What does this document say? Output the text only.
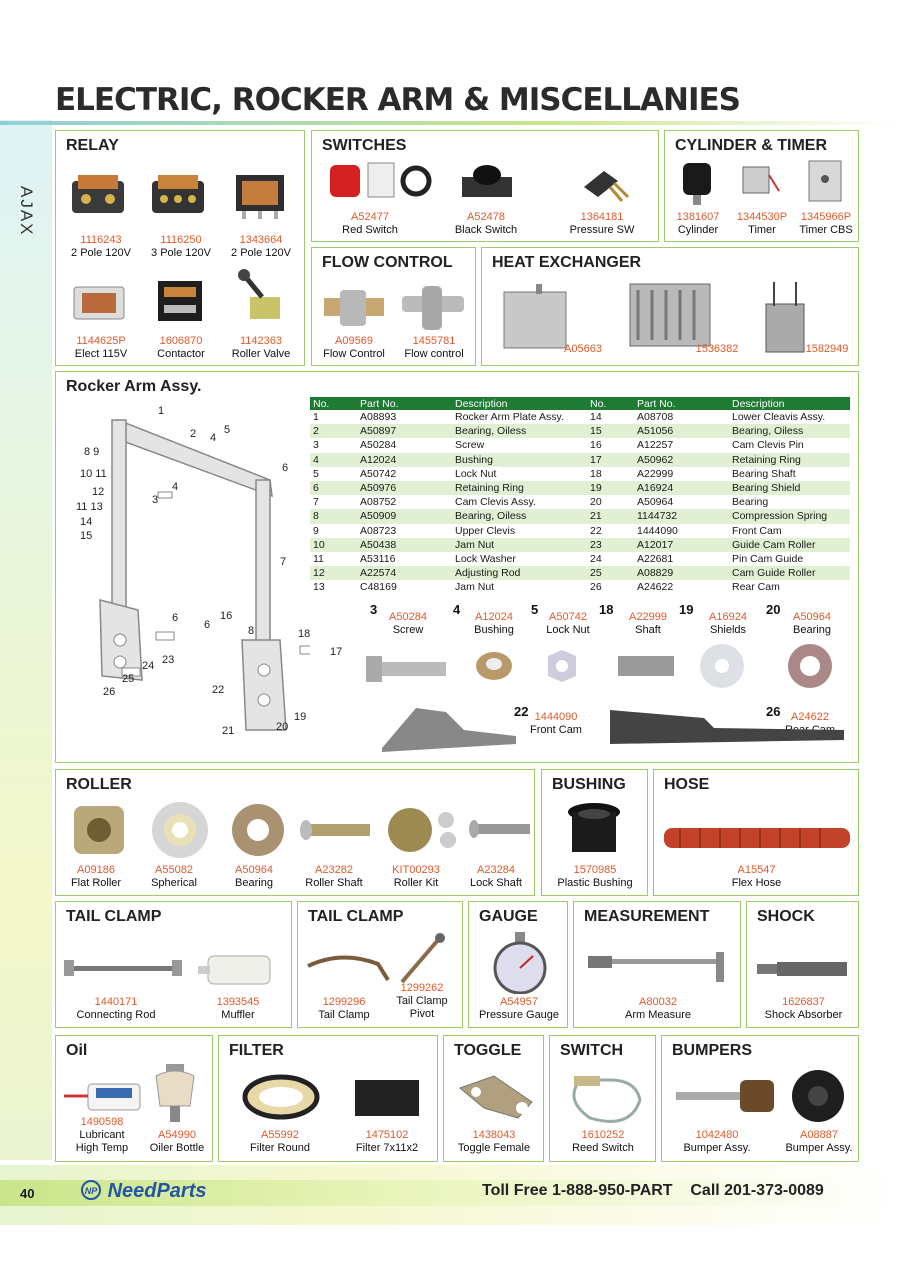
ELECTRIC, ROCKER ARM & MISCELLANIES
AJAX
RELAY
1116243
2 Pole 120V
1116250
3 Pole 120V
1343664
2 Pole 120V
1144625P
Elect 115V
1606870
Contactor
1142363
Roller Valve
SWITCHES
A52477
Red Switch
A52478
Black Switch
1364181
Pressure SW
CYLINDER & TIMER
1381607
Cylinder
1344530P
Timer
1345966P
Timer CBS
FLOW CONTROL
A09569
Flow Control
1455781
Flow control
HEAT EXCHANGER
A05663	1536382	1582949
Rocker Arm Assy.
1
2 4
5
6
8 9
10 11
12
3
4
11 13
14
15
7
6	16
6	8	18
17
23
24
25
26	22
19
20
21
No.	Part No.	Description	No.	Part No.	Description
1	A08893	Rocker Arm Plate Assy.	14	A08708	Lower Cleavis Assy.
2	A50897	Bearing, Oiless	15	A51056	Bearing, Oiless
3	A50284	Screw	16	A12257	Cam Clevis Pin
4	A12024	Bushing	17	A50962	Retaining Ring
5	A50742	Lock Nut	18	A22999	Bearing Shaft
6	A50976	Retaining Ring	19	A16924	Bearing Shield
7	A08752	Cam Clevis Assy.	20	A50964	Bearing
8	A50909	Bearing, Oiless	21	1144732	Compression Spring
9	A08723	Upper Clevis	22	1444090	Front Cam
10	A50438	Jam Nut	23	A12017	Guide Cam Roller
11	A53116	Lock Washer	24	A22681	Pin Cam Guide
12	A22574	Adjusting Rod	25	A08829	Cam Guide Roller
13	C48169	Jam Nut	26	A24622	Rear Cam
3	A50284
Screw
4	A12024
Bushing
5 A50742
Lock Nut
18	A22999
Shaft
19	A16924
Shields
20	A50964
Bearing
22 1444090
Front Cam
26 A24622
ROLLER
A09186
Flat Roller
A55082
Spherical
A50964
Bearing
A23282
Roller Shaft
KIT00293
Roller Kit
A23284
Lock Shaft
BUSHING
1570985
Plastic Bushing
HOSE
A15547
Flex Hose
TAIL CLAMP
1440171
Connecting Rod
1393545
Muffler
TAIL CLAMP
1299296
Tail Clamp
1299262
Tail Clamp
Pivot
GAUGE
A54957
Pressure Gauge
MEASUREMENT
A80032
Arm Measure
SHOCK
1626837
Shock Absorber
Oil
1490598
Lubricant
High Temp
A54990
Oiler Bottle
FILTER
A55992
Filter Round
1475102
Filter 7x11x2
TOGGLE
1438043
Toggle Female
SWITCH
1610252
Reed Switch
BUMPERS
1042480
Bumper Assy.
A08887
Bumper Assy.
40	NP NeedParts	Toll Free 1-888-950-PART Call 201-373-0089
